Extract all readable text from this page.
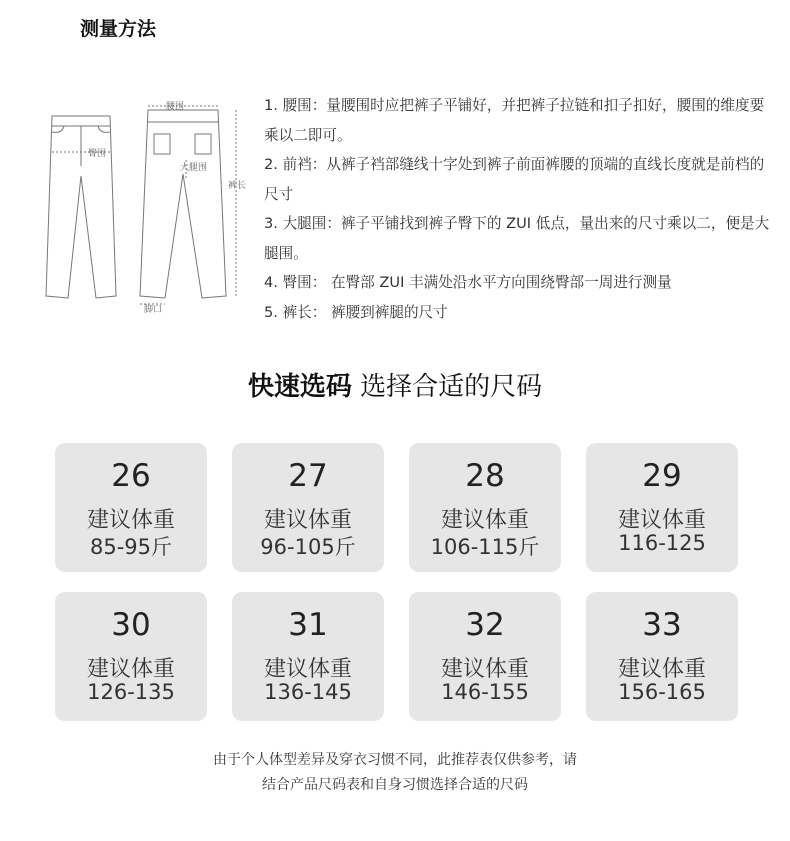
测量方法
腰围
臀围
大腿围
裤长
脚口

1. 腰围：量腰围时应把裤子平铺好，并把裤子拉链和扣子扣好，腰围的维度要乘以二即可。

2. 前裆：从裤子裆部缝线十字处到裤子前面裤腰的顶端的直线长度就是前档的尺寸

3. 大腿围：裤子平铺找到裤子臀下的 ZUI 低点，量出来的尺寸乘以二，便是大腿围。

4. 臀围： 在臀部 ZUI 丰满处沿水平方向围绕臀部一周进行测量

5. 裤长： 裤腰到裤腿的尺寸

快速选码 选择合适的尺码
26
建议体重
85-95斤
27
建议体重
96-105斤
28
建议体重
106-115斤
29
建议体重
116-125
30
建议体重
126-135
31
建议体重
136-145
32
建议体重
146-155
33
建议体重
156-165

由于个人体型差异及穿衣习惯不同，此推荐表仅供参考，请

结合产品尺码表和自身习惯选择合适的尺码
